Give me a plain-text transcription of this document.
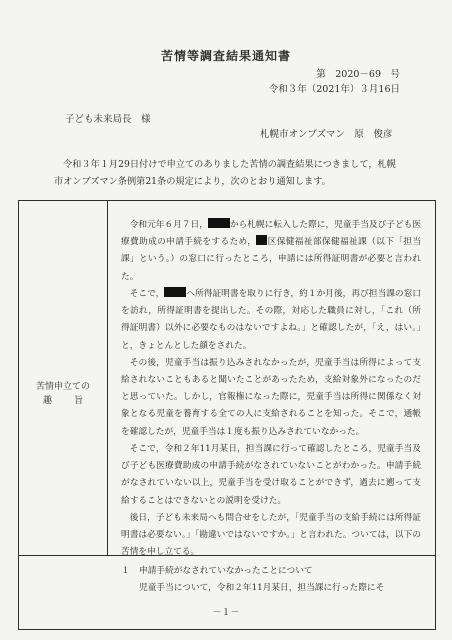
苦情等調査結果通知書
第　2020－69　号
令和３年（2021年）３月16日
子ども未来局長　様
札幌市オンブズマン　原　俊彦
令和３年１月29日付けで申立てのありました苦情の調査結果につきまして，札幌市オンブズマン条例第21条の規定により，次のとおり通知します。
苦情申立ての
趣旨

令和元年６月７日，	から札幌に転入した際に，児童手当及び子ども医療費助成の申請手続をするため， 区保健福祉部保健福祉課（以下「担当課」という。）の窓口に行ったところ，申請には所得証明書が必要と言われた。

そこで，	へ所得証明書を取りに行き，約１か月後，再び担当課の窓口を訪れ，所得証明書を提出した。その際，対応した職員に対し，「これ（所得証明書）以外に必要なものはないですよね。」と確認したが，「え，はい。」と，きょとんとした顔をされた。

その後，児童手当は振り込みされなかったが，児童手当は所得によって支給されないこともあると聞いたことがあったため，支給対象外になったのだと思っていた。しかし，官報権になった際に，児童手当は所得に関係なく対象となる児童を養育する全ての人に支給されることを知った。そこで，通帳を確認したが，児童手当は１度も振り込みされていなかった。

そこで，令和２年11月某日，担当課に行って確認したところ，児童手当及び子ども医療費助成の申請手続がなされていないことがわかった。申請手続がなされていない以上，児童手当を受け取ることができず，過去に遡って支給することはできないとの説明を受けた。

後日，子ども未来局へも問合せをしたが，「児童手当の支給手続には所得証明書は必要ない。」「勘違いではないですか。」と言われた。ついては，以下の苦情を申し立てる。

１ 申請手続がなされていなかったことについて

児童手当について，令和２年11月某日，担当課に行った際にそ

－１－
